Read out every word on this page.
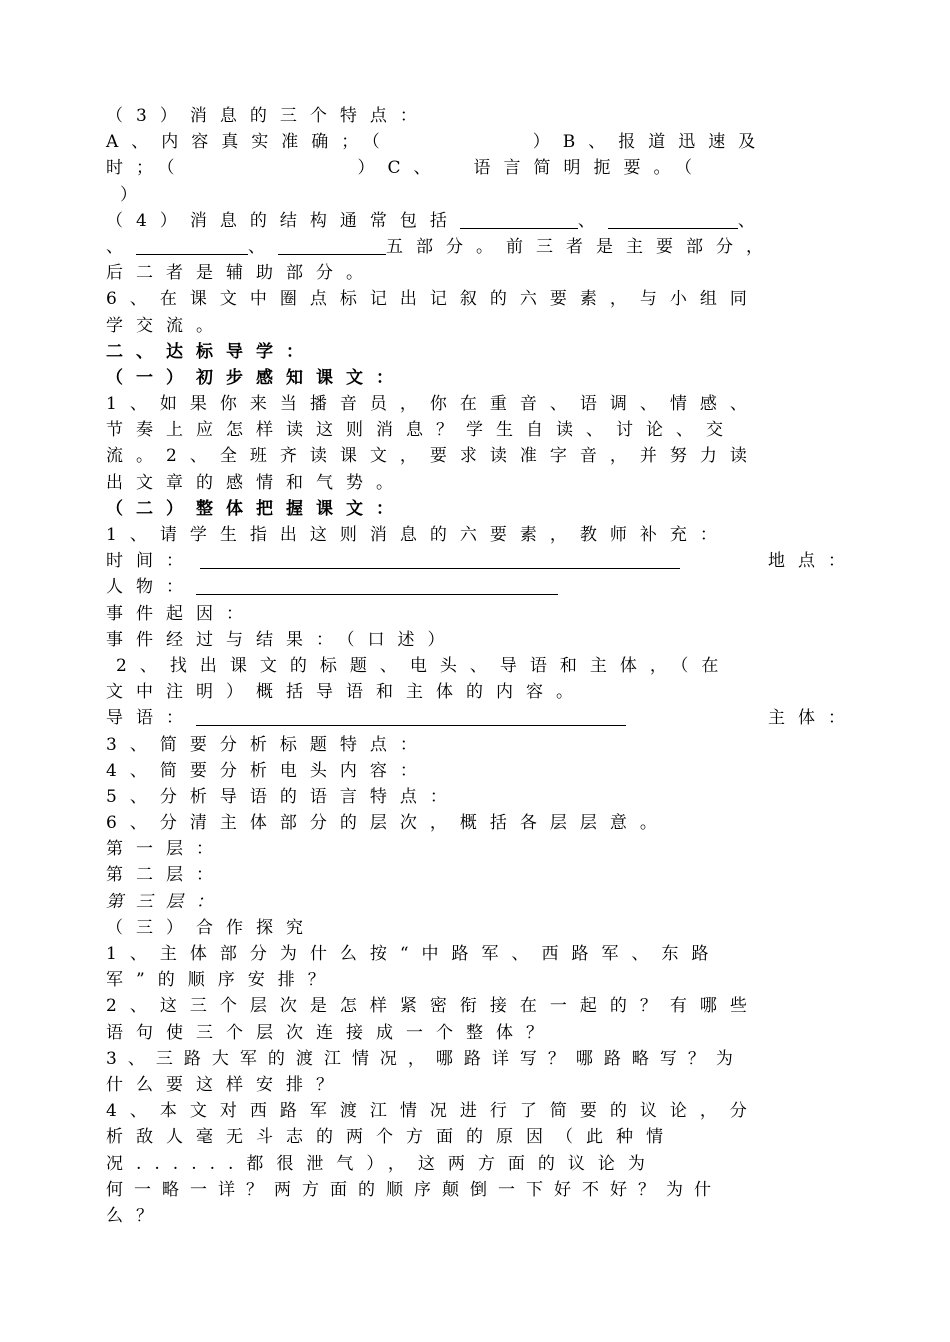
（3）消息的三个特点：
A、内容真实准确；（	）B、报道迅速及
时；（	）C、 语言简明扼要。（
）
（4）消息的结构通常包括	、	、
、	、	五部分。前三者是主要部分，
后二者是辅助部分。
6、在课文中圈点标记出记叙的六要素，与小组同
学交流。
二、达标导学：
（一）初步感知课文：
1、如果你来当播音员，你在重音、语调、情感、
节奏上应怎样读这则消息？学生自读、讨论、交
流。2、全班齐读课文，要求读准字音，并努力读
出文章的感情和气势。
（二）整体把握课文：
1、请学生指出这则消息的六要素，教师补充：
时间：	地点：
人物：
事件起因：
事件经过与结果：（口述）
2、找出课文的标题、电头、导语和主体，（在
文中注明）概括导语和主体的内容。
导语：	主体：
3、简要分析标题特点：
4、简要分析电头内容：
5、分析导语的语言特点：
6、分清主体部分的层次，概括各层层意。
第一层：
第二层：
第三层：
（三）合作探究
1、主体部分为什么按“中路军、西路军、东路
军”的顺序安排？
2、这三个层次是怎样紧密衔接在一起的？有哪些
语句使三个层次连接成一个整体？
3、三路大军的渡江情况，哪路详写？哪路略写？为
什么要这样安排？
4、本文对西路军渡江情况进行了简要的议论，分
析敌人毫无斗志的两个方面的原因（此种情
况......都很泄气），这两方面的议论为
何一略一详？两方面的顺序颠倒一下好不好？为什
么？
